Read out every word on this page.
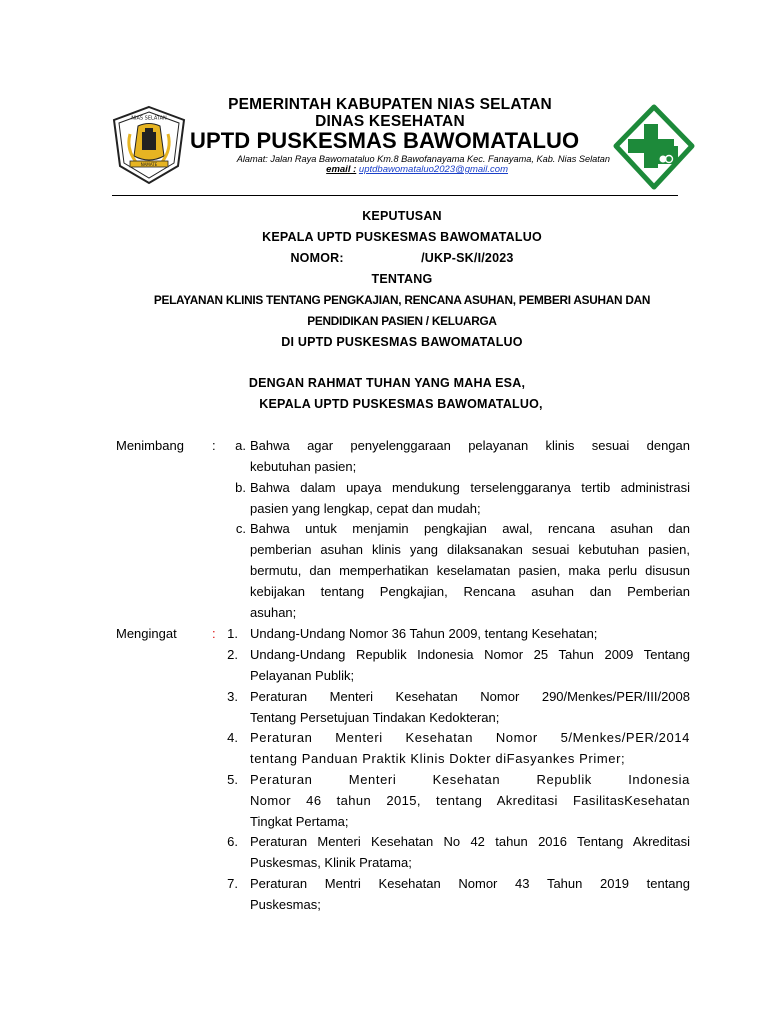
NIAS SELATAN
NAMATE
PEMERINTAH KABUPATEN NIAS SELATAN
DINAS KESEHATAN
UPTD PUSKESMAS BAWOMATALUO
Alamat: Jalan Raya Bawomataluo Km.8 Bawofanayama Kec. Fanayama, Kab. Nias Selatan
email : uptdbawomataluo2023@gmail.com
KEPUTUSAN
KEPALA UPTD PUSKESMAS BAWOMATALUO
NOMOR:	/UKP-SK/I/2023
TENTANG
PELAYANAN KLINIS TENTANG PENGKAJIAN, RENCANA ASUHAN, PEMBERI ASUHAN DAN
PENDIDIKAN PASIEN / KELUARGA
DI UPTD PUSKESMAS BAWOMATALUO
DENGAN RAHMAT TUHAN YANG MAHA ESA,
KEPALA UPTD PUSKESMAS BAWOMATALUO,
Menimbang :	a. Bahwa agar penyelenggaraan pelayanan klinis sesuai dengan
kebutuhan pasien;
b. Bahwa dalam upaya mendukung terselenggaranya tertib administrasi
pasien yang lengkap, cepat dan mudah;
c. Bahwa untuk menjamin pengkajian awal, rencana asuhan dan
pemberian asuhan klinis yang dilaksanakan sesuai kebutuhan pasien,
bermutu, dan memperhatikan keselamatan pasien, maka perlu disusun
kebijakan tentang Pengkajian, Rencana asuhan dan Pemberian
asuhan;
Mengingat	: 1. Undang-Undang Nomor 36 Tahun 2009, tentang Kesehatan;
2. Undang-Undang Republik Indonesia Nomor 25 Tahun 2009 Tentang
Pelayanan Publik;
3. Peraturan Menteri Kesehatan Nomor 290/Menkes/PER/III/2008
Tentang Persetujuan Tindakan Kedokteran;
4. Peraturan Menteri Kesehatan Nomor 5/Menkes/PER/2014
tentang Panduan Praktik Klinis Dokter diFasyankes Primer;
5. Peraturan Menteri Kesehatan Republik Indonesia
Nomor 46 tahun 2015, tentang Akreditasi FasilitasKesehatan
Tingkat Pertama;
6. Peraturan Menteri Kesehatan No 42 tahun 2016 Tentang Akreditasi
Puskesmas, Klinik Pratama;
7. Peraturan Mentri Kesehatan Nomor 43 Tahun 2019 tentang
Puskesmas;
